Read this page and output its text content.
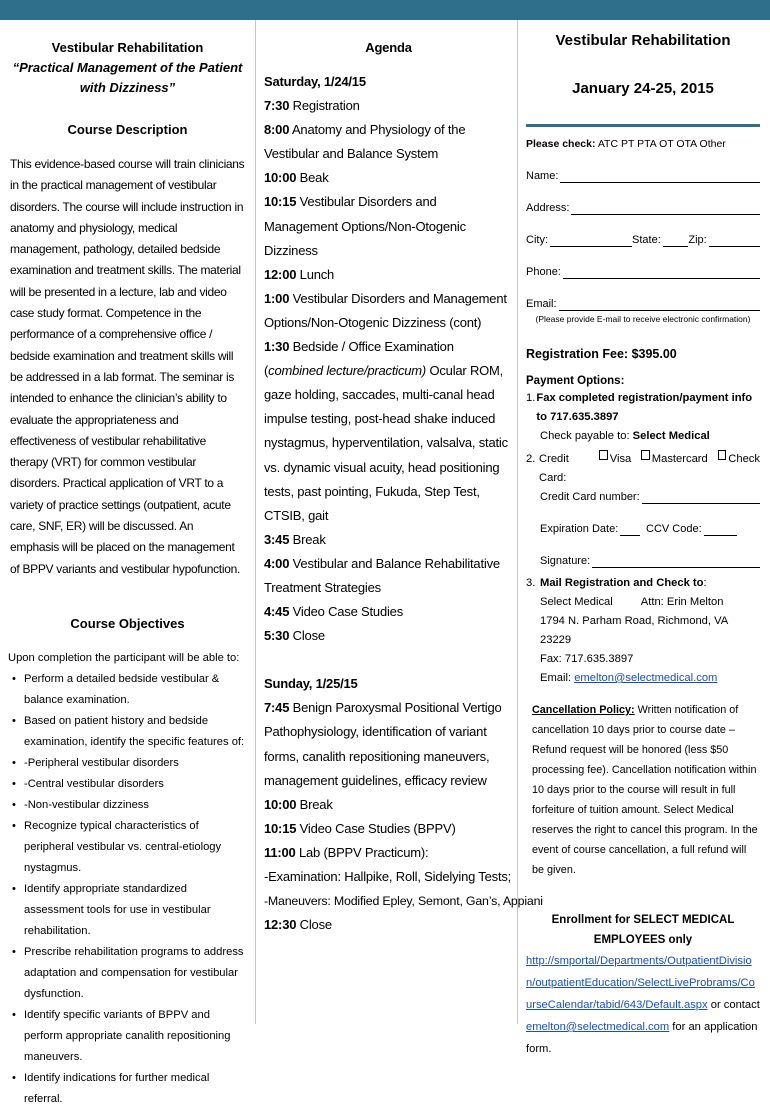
Vestibular Rehabilitation

“Practical Management of the Patient with Dizziness”

Course Description

This evidence-based course will train clinicians in the practical management of vestibular disorders. The course will include instruction in anatomy and physiology, medical management, pathology, detailed bedside examination and treatment skills. The material will be presented in a lecture, lab and video case study format. Competence in the performance of a comprehensive office / bedside examination and treatment skills will be addressed in a lab format. The seminar is intended to enhance the clinician’s ability to evaluate the appropriateness and effectiveness of vestibular rehabilitative therapy (VRT) for common vestibular disorders. Practical application of VRT to a variety of practice settings (outpatient, acute care, SNF, ER) will be discussed. An emphasis will be placed on the management of BPPV variants and vestibular hypofunction.

Course Objectives

Upon completion the participant will be able to:

• Perform a detailed bedside vestibular & balance examination.
• Based on patient history and bedside examination, identify the specific features of:
• -Peripheral vestibular disorders
• -Central vestibular disorders
• -Non-vestibular dizziness
• Recognize typical characteristics of peripheral vestibular vs. central-etiology nystagmus.
• Identify appropriate standardized assessment tools for use in vestibular rehabilitation.
• Prescribe rehabilitation programs to address adaptation and compensation for vestibular dysfunction.
• Identify specific variants of BPPV and perform appropriate canalith repositioning maneuvers.
• Identify indications for further medical referral.

Agenda

Saturday, 1/24/15

7:30 Registration

8:00 Anatomy and Physiology of the Vestibular and Balance System

10:00 Beak

10:15 Vestibular Disorders and Management Options/Non-Otogenic Dizziness

12:00 Lunch

1:00 Vestibular Disorders and Management Options/Non-Otogenic Dizziness (cont)

1:30 Bedside / Office Examination (combined lecture/practicum) Ocular ROM, gaze holding, saccades, multi-canal head impulse testing, post-head shake induced nystagmus, hyperventilation, valsalva, static vs. dynamic visual acuity, head positioning tests, past pointing, Fukuda, Step Test, CTSIB, gait

3:45 Break

4:00 Vestibular and Balance Rehabilitative Treatment Strategies

4:45 Video Case Studies

5:30 Close

Sunday, 1/25/15

7:45 Benign Paroxysmal Positional Vertigo Pathophysiology, identification of variant forms, canalith repositioning maneuvers, management guidelines, efficacy review

10:00 Break

10:15 Video Case Studies (BPPV)

11:00 Lab (BPPV Practicum):

-Examination: Hallpike, Roll, Sidelying Tests;

-Maneuvers: Modified Epley, Semont, Gan’s, Appiani

12:30 Close

Vestibular Rehabilitation

January 24-25, 2015

Please check: ATC PT PTA OT OTA Other

Name:
Address:
City:	State:	Zip:
Phone:
Email:

(Please provide E-mail to receive electronic confirmation)

Registration Fee: $395.00

Payment Options:

1. Fax completed registration/payment info to 717.635.3897

Check payable to: Select Medical

2. Credit Card:
Visa Mastercard Check
Credit Card number:
Expiration Date:	CCV Code:
Signature:
3. Mail Registration and Check to :

Select Medical	Attn: Erin Melton

1794 N. Parham Road, Richmond, VA 23229

Fax: 717.635.3897

Email: emelton@selectmedical.com

Cancellation Policy: Written notification of cancellation 10 days prior to course date – Refund request will be honored (less $50 processing fee). Cancellation notification within 10 days prior to the course will result in full forfeiture of tuition amount. Select Medical reserves the right to cancel this program. In the event of course cancellation, a full refund will be given.

Enrollment for SELECT MEDICAL EMPLOYEES only

http://smportal/Departments/OutpatientDivision/outpatientEducation/SelectLiveProbrams/CourseCalendar/tabid/643/Default.aspx or contact emelton@selectmedical.com for an application form.
